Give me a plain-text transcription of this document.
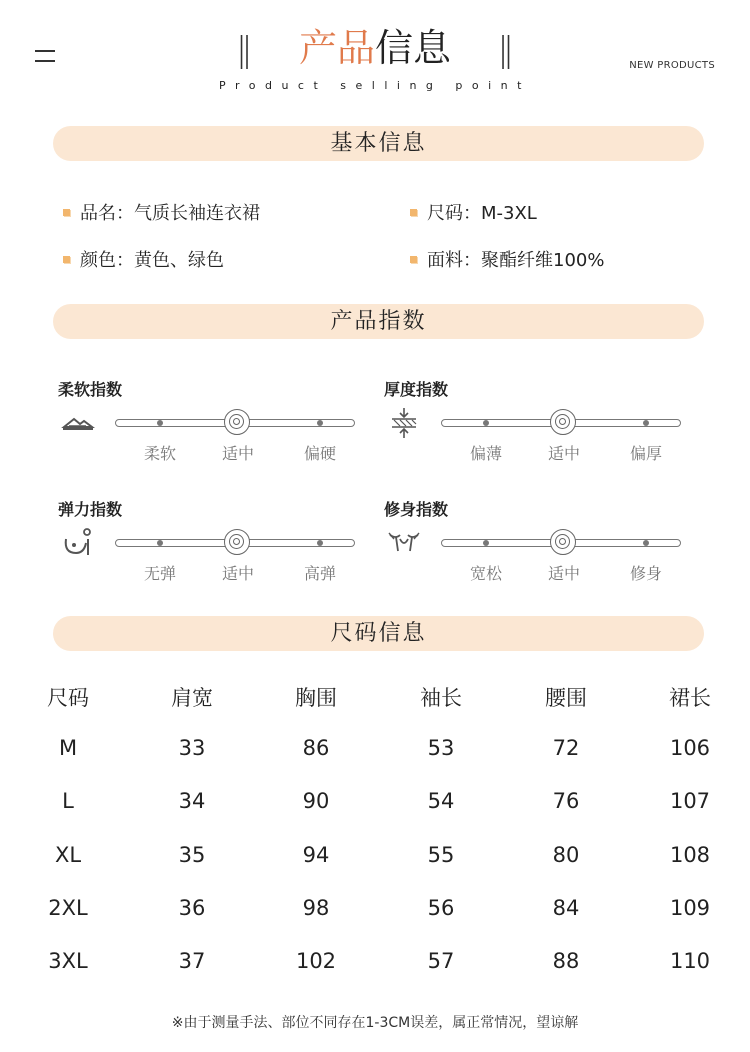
‖ 产品信息 ‖
Product selling point
NEW PRODUCTS
基本信息
产品指数
尺码信息
品名：气质长袖连衣裙	尺码：M-3XL
颜色：黄色、绿色	面料：聚酯纤维100%
柔软指数
柔软	适中	偏硬
厚度指数
偏薄	适中	偏厚
弹力指数
无弹	适中	高弹
修身指数
宽松	适中	修身
尺码	肩宽	胸围	袖长	腰围	裙长
M	33	86	53	72	106
L	34	90	54	76	107
XL	35	94	55	80	108
2XL	36	98	56	84	109
3XL	37	102	57	88	110
※由于测量手法、部位不同存在1-3CM误差，属正常情况，望谅解
